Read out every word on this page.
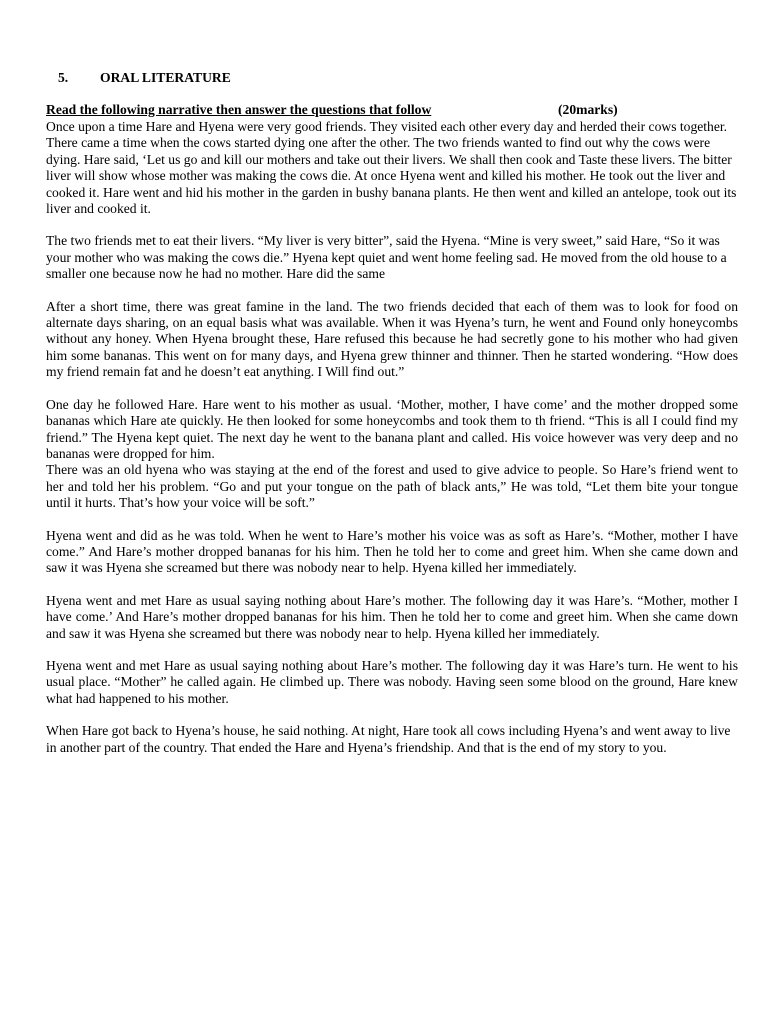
5. ORAL LITERATURE
Read the following narrative then answer the questions that follow	(20marks)

Once upon a time Hare and Hyena were very good friends. They visited each other every day and herded their cows together.

There came a time when the cows started dying one after the other. The two friends wanted to find out why the cows were dying. Hare said, ‘Let us go and kill our mothers and take out their livers. We shall then cook and Taste these livers. The bitter liver will show whose mother was making the cows die. At once Hyena went and killed his mother. He took out the liver and cooked it. Hare went and hid his mother in the garden in bushy banana plants. He then went and killed an antelope, took out its liver and cooked it.

The two friends met to eat their livers. “My liver is very bitter”, said the Hyena. “Mine is very sweet,” said Hare, “So it was your mother who was making the cows die.” Hyena kept quiet and went home feeling sad. He moved from the old house to a smaller one because now he had no mother. Hare did the same

After a short time, there was great famine in the land. The two friends decided that each of them was to look for food on alternate days sharing, on an equal basis what was available. When it was Hyena’s turn, he went and Found only honeycombs without any honey. When Hyena brought these, Hare refused this because he had secretly gone to his mother who had given him some bananas. This went on for many days, and Hyena grew thinner and thinner. Then he started wondering. “How does my friend remain fat and he doesn’t eat anything. I Will find out.”

One day he followed Hare. Hare went to his mother as usual. ‘Mother, mother, I have come’ and the mother dropped some bananas which Hare ate quickly. He then looked for some honeycombs and took them to th friend. “This is all I could find my friend.” The Hyena kept quiet. The next day he went to the banana plant and called. His voice however was very deep and no bananas were dropped for him.

There was an old hyena who was staying at the end of the forest and used to give advice to people. So Hare’s friend went to her and told her his problem. “Go and put your tongue on the path of black ants,” He was told, “Let them bite your tongue until it hurts. That’s how your voice will be soft.”

Hyena went and did as he was told. When he went to Hare’s mother his voice was as soft as Hare’s. “Mother, mother I have come.” And Hare’s mother dropped bananas for his him. Then he told her to come and greet him. When she came down and saw it was Hyena she screamed but there was nobody near to help. Hyena killed her immediately.

Hyena went and met Hare as usual saying nothing about Hare’s mother. The following day it was Hare’s. “Mother, mother I have come.’ And Hare’s mother dropped bananas for his him. Then he told her to come and greet him. When she came down and saw it was Hyena she screamed but there was nobody near to help. Hyena killed her immediately.

Hyena went and met Hare as usual saying nothing about Hare’s mother. The following day it was Hare’s turn. He went to his usual place. “Mother” he called again. He climbed up. There was nobody. Having seen some blood on the ground, Hare knew what had happened to his mother.

When Hare got back to Hyena’s house, he said nothing. At night, Hare took all cows including Hyena’s and went away to live in another part of the country. That ended the Hare and Hyena’s friendship. And that is the end of my story to you.
